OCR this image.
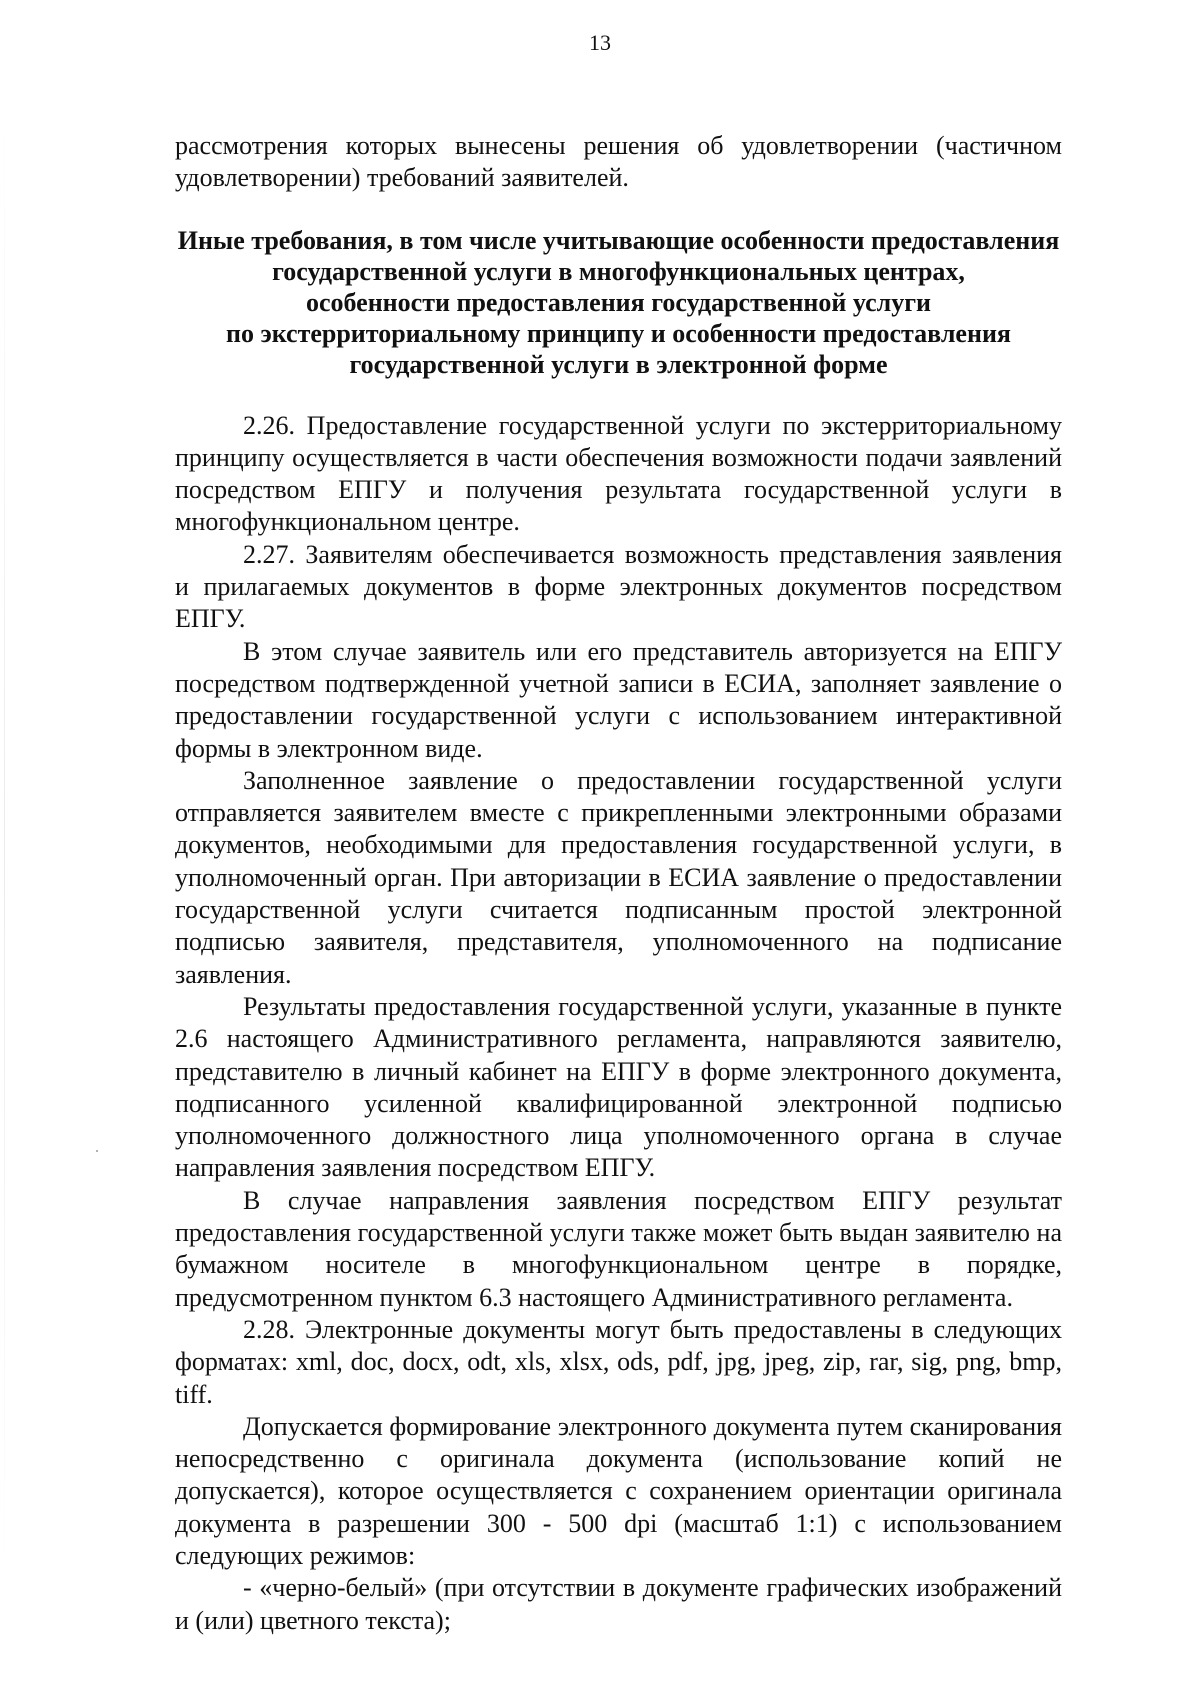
13

рассмотрения которых вынесены решения об удовлетворении (частичном удовлетворении) требований заявителей.

Иные требования, в том числе учитывающие особенности предоставления
государственной услуги в многофункциональных центрах,
особенности предоставления государственной услуги
по экстерриториальному принципу и особенности предоставления
государственной услуги в электронной форме

2.26. Предоставление государственной услуги по экстерриториальному принципу осуществляется в части обеспечения возможности подачи заявлений посредством ЕПГУ и получения результата государственной услуги в многофункциональном центре.

2.27. Заявителям обеспечивается возможность представления заявления и прилагаемых документов в форме электронных документов посредством ЕПГУ.

В этом случае заявитель или его представитель авторизуется на ЕПГУ посредством подтвержденной учетной записи в ЕСИА, заполняет заявление о предоставлении государственной услуги с использованием интерактивной формы в электронном виде.

Заполненное заявление о предоставлении государственной услуги отправляется заявителем вместе с прикрепленными электронными образами документов, необходимыми для предоставления государственной услуги, в уполномоченный орган. При авторизации в ЕСИА заявление о предоставлении государственной услуги считается подписанным простой электронной подписью заявителя, представителя, уполномоченного на подписание заявления.

Результаты предоставления государственной услуги, указанные в пункте 2.6 настоящего Административного регламента, направляются заявителю, представителю в личный кабинет на ЕПГУ в форме электронного документа, подписанного усиленной квалифицированной электронной подписью уполномоченного должностного лица уполномоченного органа в случае направления заявления посредством ЕПГУ.

В случае направления заявления посредством ЕПГУ результат предоставления государственной услуги также может быть выдан заявителю на бумажном носителе в многофункциональном центре в порядке, предусмотренном пунктом 6.3 настоящего Административного регламента.

2.28. Электронные документы могут быть предоставлены в следующих форматах: xml, doc, docx, odt, xls, xlsx, ods, pdf, jpg, jpeg, zip, rar, sig, png, bmp, tiff.

Допускается формирование электронного документа путем сканирования непосредственно с оригинала документа (использование копий не допускается), которое осуществляется с сохранением ориентации оригинала документа в разрешении 300 - 500 dpi (масштаб 1:1) с использованием следующих режимов:

- «черно-белый» (при отсутствии в документе графических изображений и (или) цветного текста);
